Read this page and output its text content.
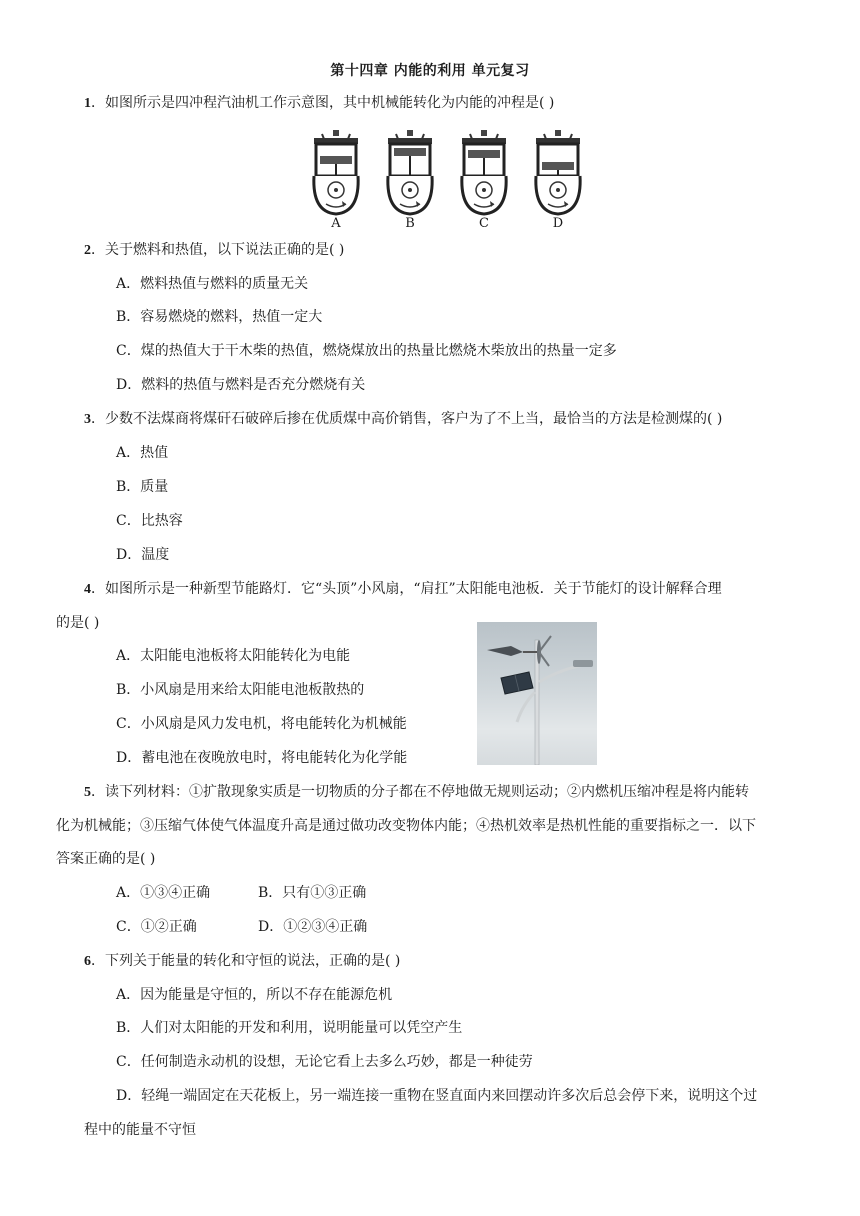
第十四章 内能的利用 单元复习
1．如图所示是四冲程汽油机工作示意图，其中机械能转化为内能的冲程是( )
A	B	C	D
2．关于燃料和热值，以下说法正确的是( )
A．燃料热值与燃料的质量无关
B．容易燃烧的燃料，热值一定大
C．煤的热值大于干木柴的热值，燃烧煤放出的热量比燃烧木柴放出的热量一定多
D．燃料的热值与燃料是否充分燃烧有关
3．少数不法煤商将煤矸石破碎后掺在优质煤中高价销售，客户为了不上当，最恰当的方法是检测煤的( )
A．热值
B．质量
C．比热容
D．温度
4．如图所示是一种新型节能路灯．它“头顶”小风扇，“肩扛”太阳能电池板．关于节能灯的设计解释合理
的是( )
A．太阳能电池板将太阳能转化为电能
B．小风扇是用来给太阳能电池板散热的
C．小风扇是风力发电机，将电能转化为机械能
D．蓄电池在夜晚放电时，将电能转化为化学能
5．读下列材料：①扩散现象实质是一切物质的分子都在不停地做无规则运动；②内燃机压缩冲程是将内能转
化为机械能；③压缩气体使气体温度升高是通过做功改变物体内能；④热机效率是热机性能的重要指标之一．以下
答案正确的是( )
A．①③④正确	B．只有①③正确
C．①②正确	D．①②③④正确
6．下列关于能量的转化和守恒的说法，正确的是( )
A．因为能量是守恒的，所以不存在能源危机
B．人们对太阳能的开发和利用，说明能量可以凭空产生
C．任何制造永动机的设想，无论它看上去多么巧妙，都是一种徒劳
D．轻绳一端固定在天花板上，另一端连接一重物在竖直面内来回摆动许多次后总会停下来，说明这个过
程中的能量不守恒
